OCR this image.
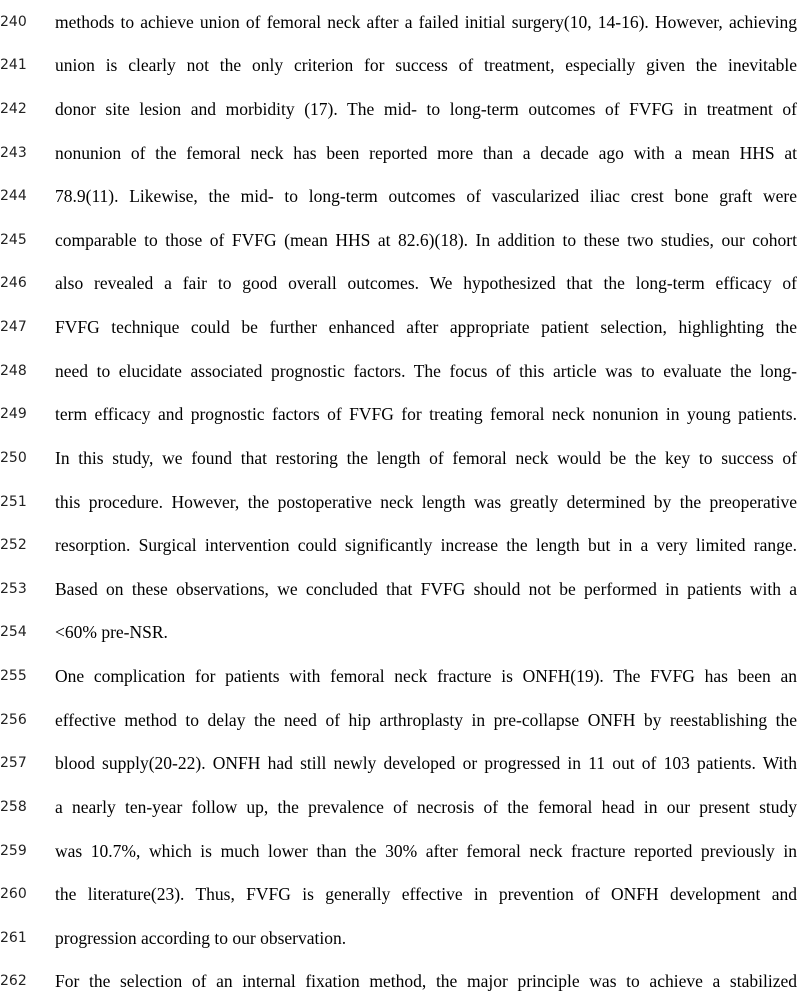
240	methods to achieve union of femoral neck after a failed initial surgery(10, 14-16). However, achieving
241	union is clearly not the only criterion for success of treatment, especially given the inevitable
242	donor site lesion and morbidity (17). The mid- to long-term outcomes of FVFG in treatment of
243	nonunion of the femoral neck has been reported more than a decade ago with a mean HHS at
244	78.9(11). Likewise, the mid- to long-term outcomes of vascularized iliac crest bone graft were
245	comparable to those of FVFG (mean HHS at 82.6)(18). In addition to these two studies, our cohort
246	also revealed a fair to good overall outcomes. We hypothesized that the long-term efficacy of
247	FVFG technique could be further enhanced after appropriate patient selection, highlighting the
248	need to elucidate associated prognostic factors. The focus of this article was to evaluate the long-
249	term efficacy and prognostic factors of FVFG for treating femoral neck nonunion in young patients.
250	In this study, we found that restoring the length of femoral neck would be the key to success of
251	this procedure. However, the postoperative neck length was greatly determined by the preoperative
252	resorption. Surgical intervention could significantly increase the length but in a very limited range.
253	Based on these observations, we concluded that FVFG should not be performed in patients with a
254	<60% pre-NSR.
255	One complication for patients with femoral neck fracture is ONFH(19). The FVFG has been an
256	effective method to delay the need of hip arthroplasty in pre-collapse ONFH by reestablishing the
257	blood supply(20-22). ONFH had still newly developed or progressed in 11 out of 103 patients. With
258	a nearly ten-year follow up, the prevalence of necrosis of the femoral head in our present study
259	was 10.7%, which is much lower than the 30% after femoral neck fracture reported previously in
260	the literature(23). Thus, FVFG is generally effective in prevention of ONFH development and
261	progression according to our observation.
262	For the selection of an internal fixation method, the major principle was to achieve a stabilized
